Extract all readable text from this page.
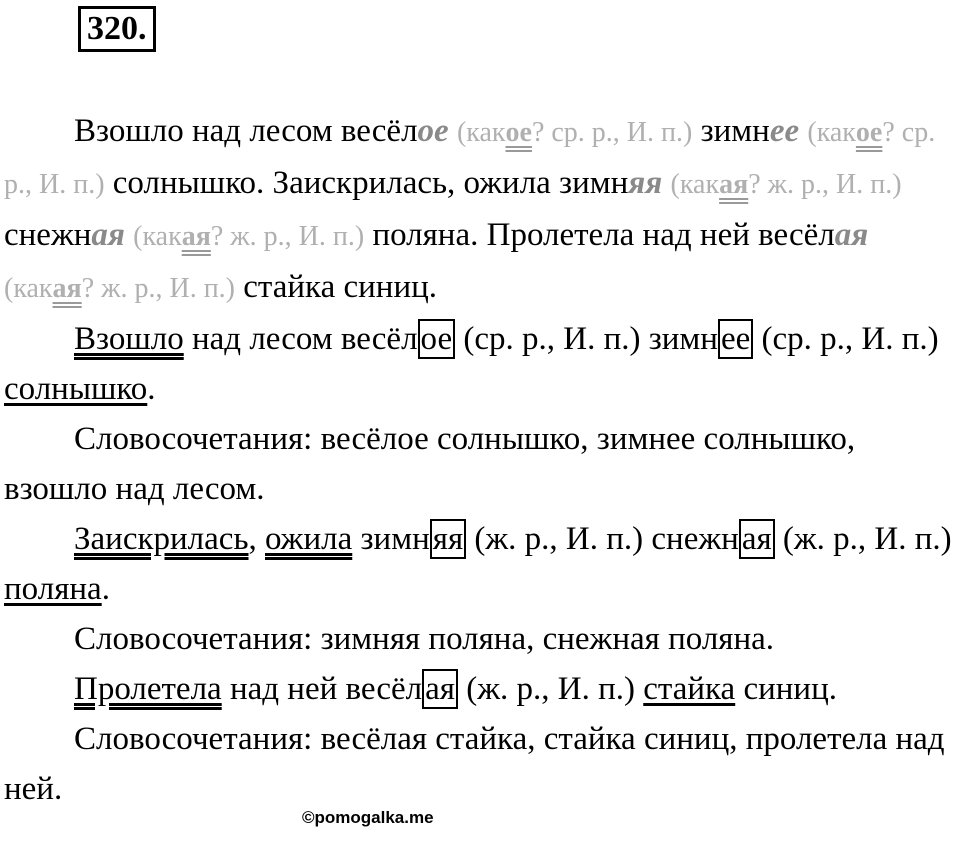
320.

Взошло над лесом весёлое (какое? ср. р., И. п.) зимнее (какое? ср. р., И. п.) солнышко. Заискрилась, ожила зимняя (какая? ж. р., И. п.) снежная (какая? ж. р., И. п.) поляна. Пролетела над ней весёлая (какая? ж. р., И. п.) стайка синиц.

Взошло над лесом весёлое (ср. р., И. п.) зимнее (ср. р., И. п.) солнышко.

Словосочетания: весёлое солнышко, зимнее солнышко, взошло над лесом.

Заискрилась, ожила зимняя (ж. р., И. п.) снежная (ж. р., И. п.) поляна.

Словосочетания: зимняя поляна, снежная поляна.

Пролетела над ней весёлая (ж. р., И. п.) стайка синиц.

Словосочетания: весёлая стайка, стайка синиц, пролетела над ней.

©pomogalka.me
